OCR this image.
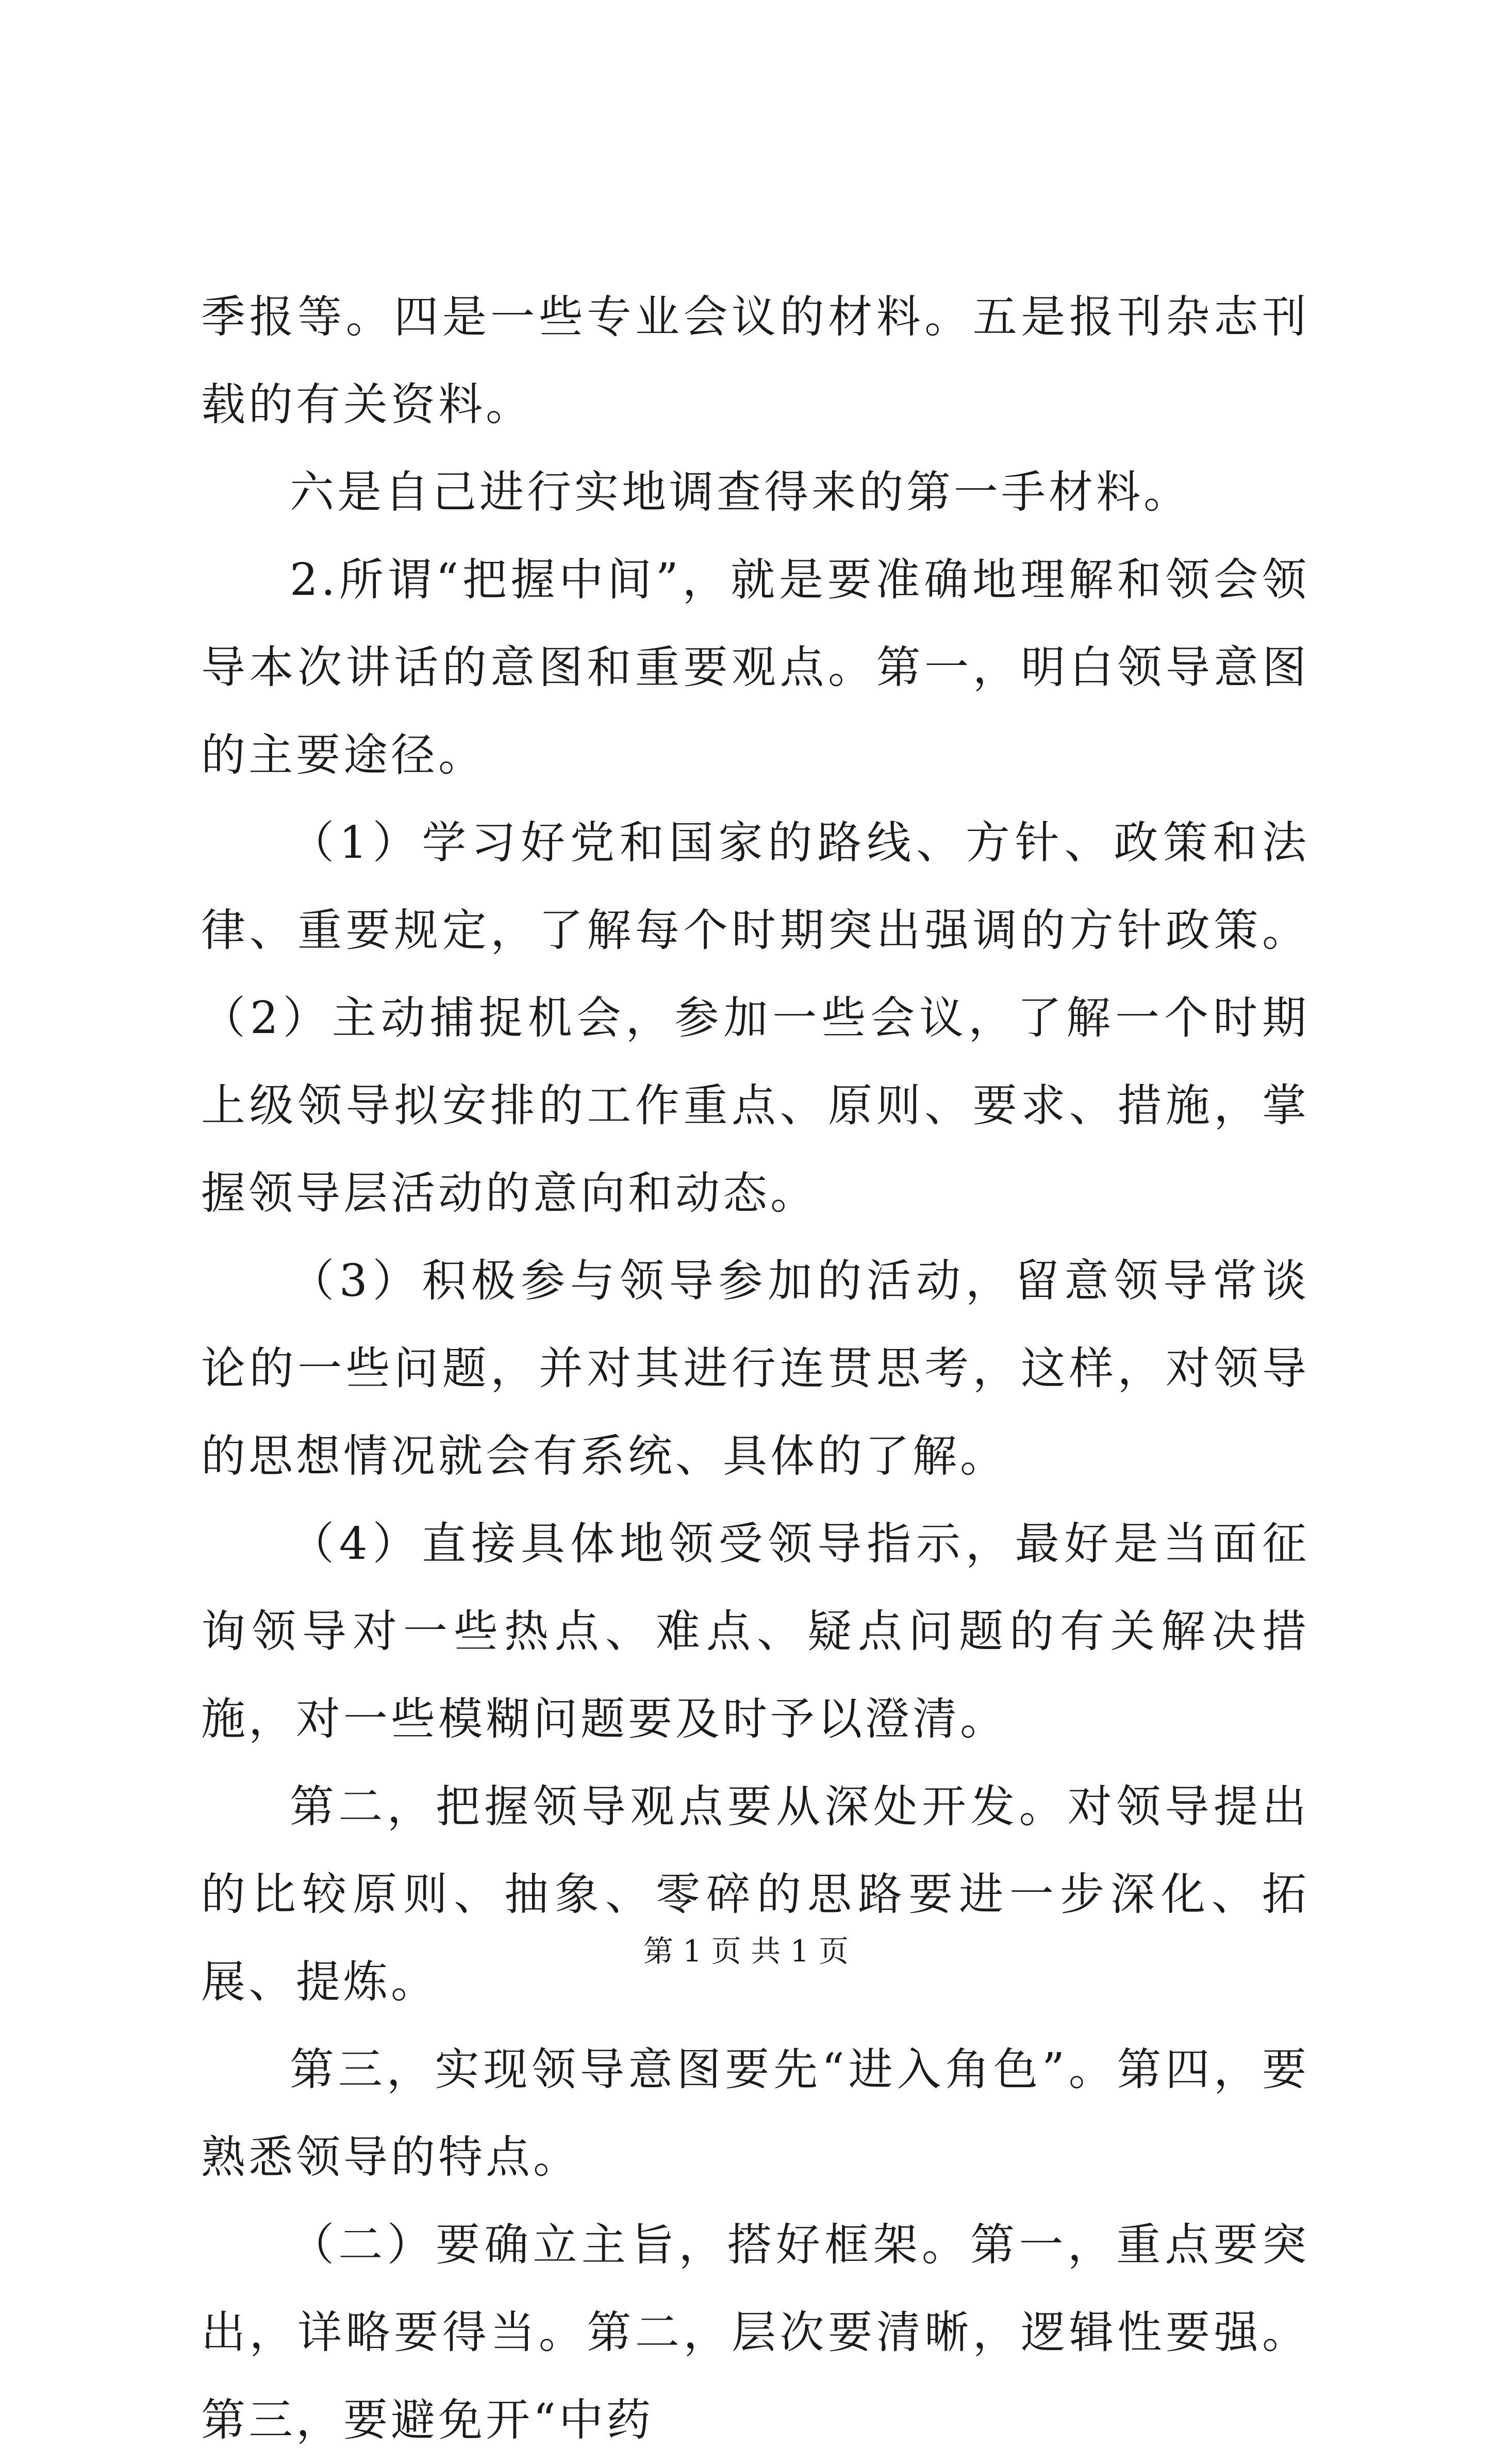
季报等。四是一些专业会议的材料。五是报刊杂志刊载的有关资料。

六是自己进行实地调查得来的第一手材料。

2.所谓“把握中间”，就是要准确地理解和领会领导本次讲话的意图和重要观点。第一，明白领导意图的主要途径。

（1）学习好党和国家的路线、方针、政策和法律、重要规定，了解每个时期突出强调的方针政策。（2）主动捕捉机会，参加一些会议，了解一个时期上级领导拟安排的工作重点、原则、要求、措施，掌握领导层活动的意向和动态。

（3）积极参与领导参加的活动，留意领导常谈论的一些问题，并对其进行连贯思考，这样，对领导的思想情况就会有系统、具体的了解。

（4）直接具体地领受领导指示，最好是当面征询领导对一些热点、难点、疑点问题的有关解决措施，对一些模糊问题要及时予以澄清。

第二，把握领导观点要从深处开发。对领导提出的比较原则、抽象、零碎的思路要进一步深化、拓展、提炼。

第三，实现领导意图要先“进入角色”。第四，要熟悉领导的特点。

（二）要确立主旨，搭好框架。第一，重点要突出，详略要得当。第二，层次要清晰，逻辑性要强。第三，要避免开“中药

第 1 页 共 1 页
